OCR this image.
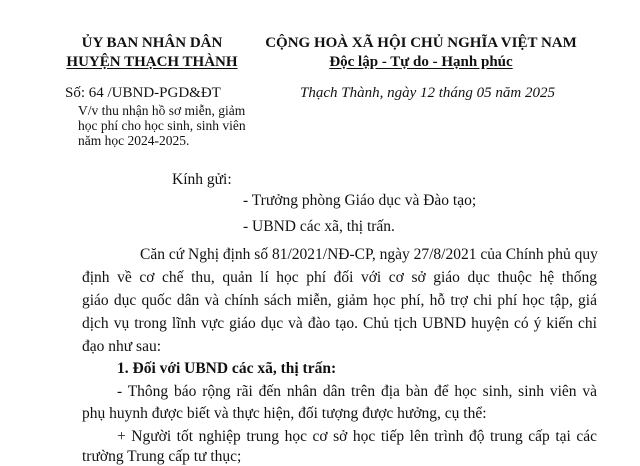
ỦY BAN NHÂN DÂN
HUYỆN THẠCH THÀNH
CỘNG HOÀ XÃ HỘI CHỦ NGHĨA VIỆT NAM
Độc lập - Tự do - Hạnh phúc
Số: 64 /UBND-PGD&ĐT
V/v thu nhận hồ sơ miễn, giảm
học phí cho học sinh, sinh viên
năm học 2024-2025.
Thạch Thành, ngày 12 tháng 05 năm 2025
Kính gửi:
- Trưởng phòng Giáo dục và Đào tạo;
- UBND các xã, thị trấn.
Căn cứ Nghị định số 81/2021/NĐ-CP, ngày 27/8/2021 của Chính phủ quy
định về cơ chế thu, quản lí học phí đối với cơ sở giáo dục thuộc hệ thống
giáo dục quốc dân và chính sách miễn, giảm học phí, hỗ trợ chi phí học tập, giá
dịch vụ trong lĩnh vực giáo dục và đào tạo. Chủ tịch UBND huyện có ý kiến chỉ
đạo như sau:
1. Đối với UBND các xã, thị trấn:
- Thông báo rộng rãi đến nhân dân trên địa bàn để học sinh, sinh viên và
phụ huynh được biết và thực hiện, đối tượng được hưởng, cụ thể:
+ Người tốt nghiệp trung học cơ sở học tiếp lên trình độ trung cấp tại các
trường Trung cấp tư thục;
